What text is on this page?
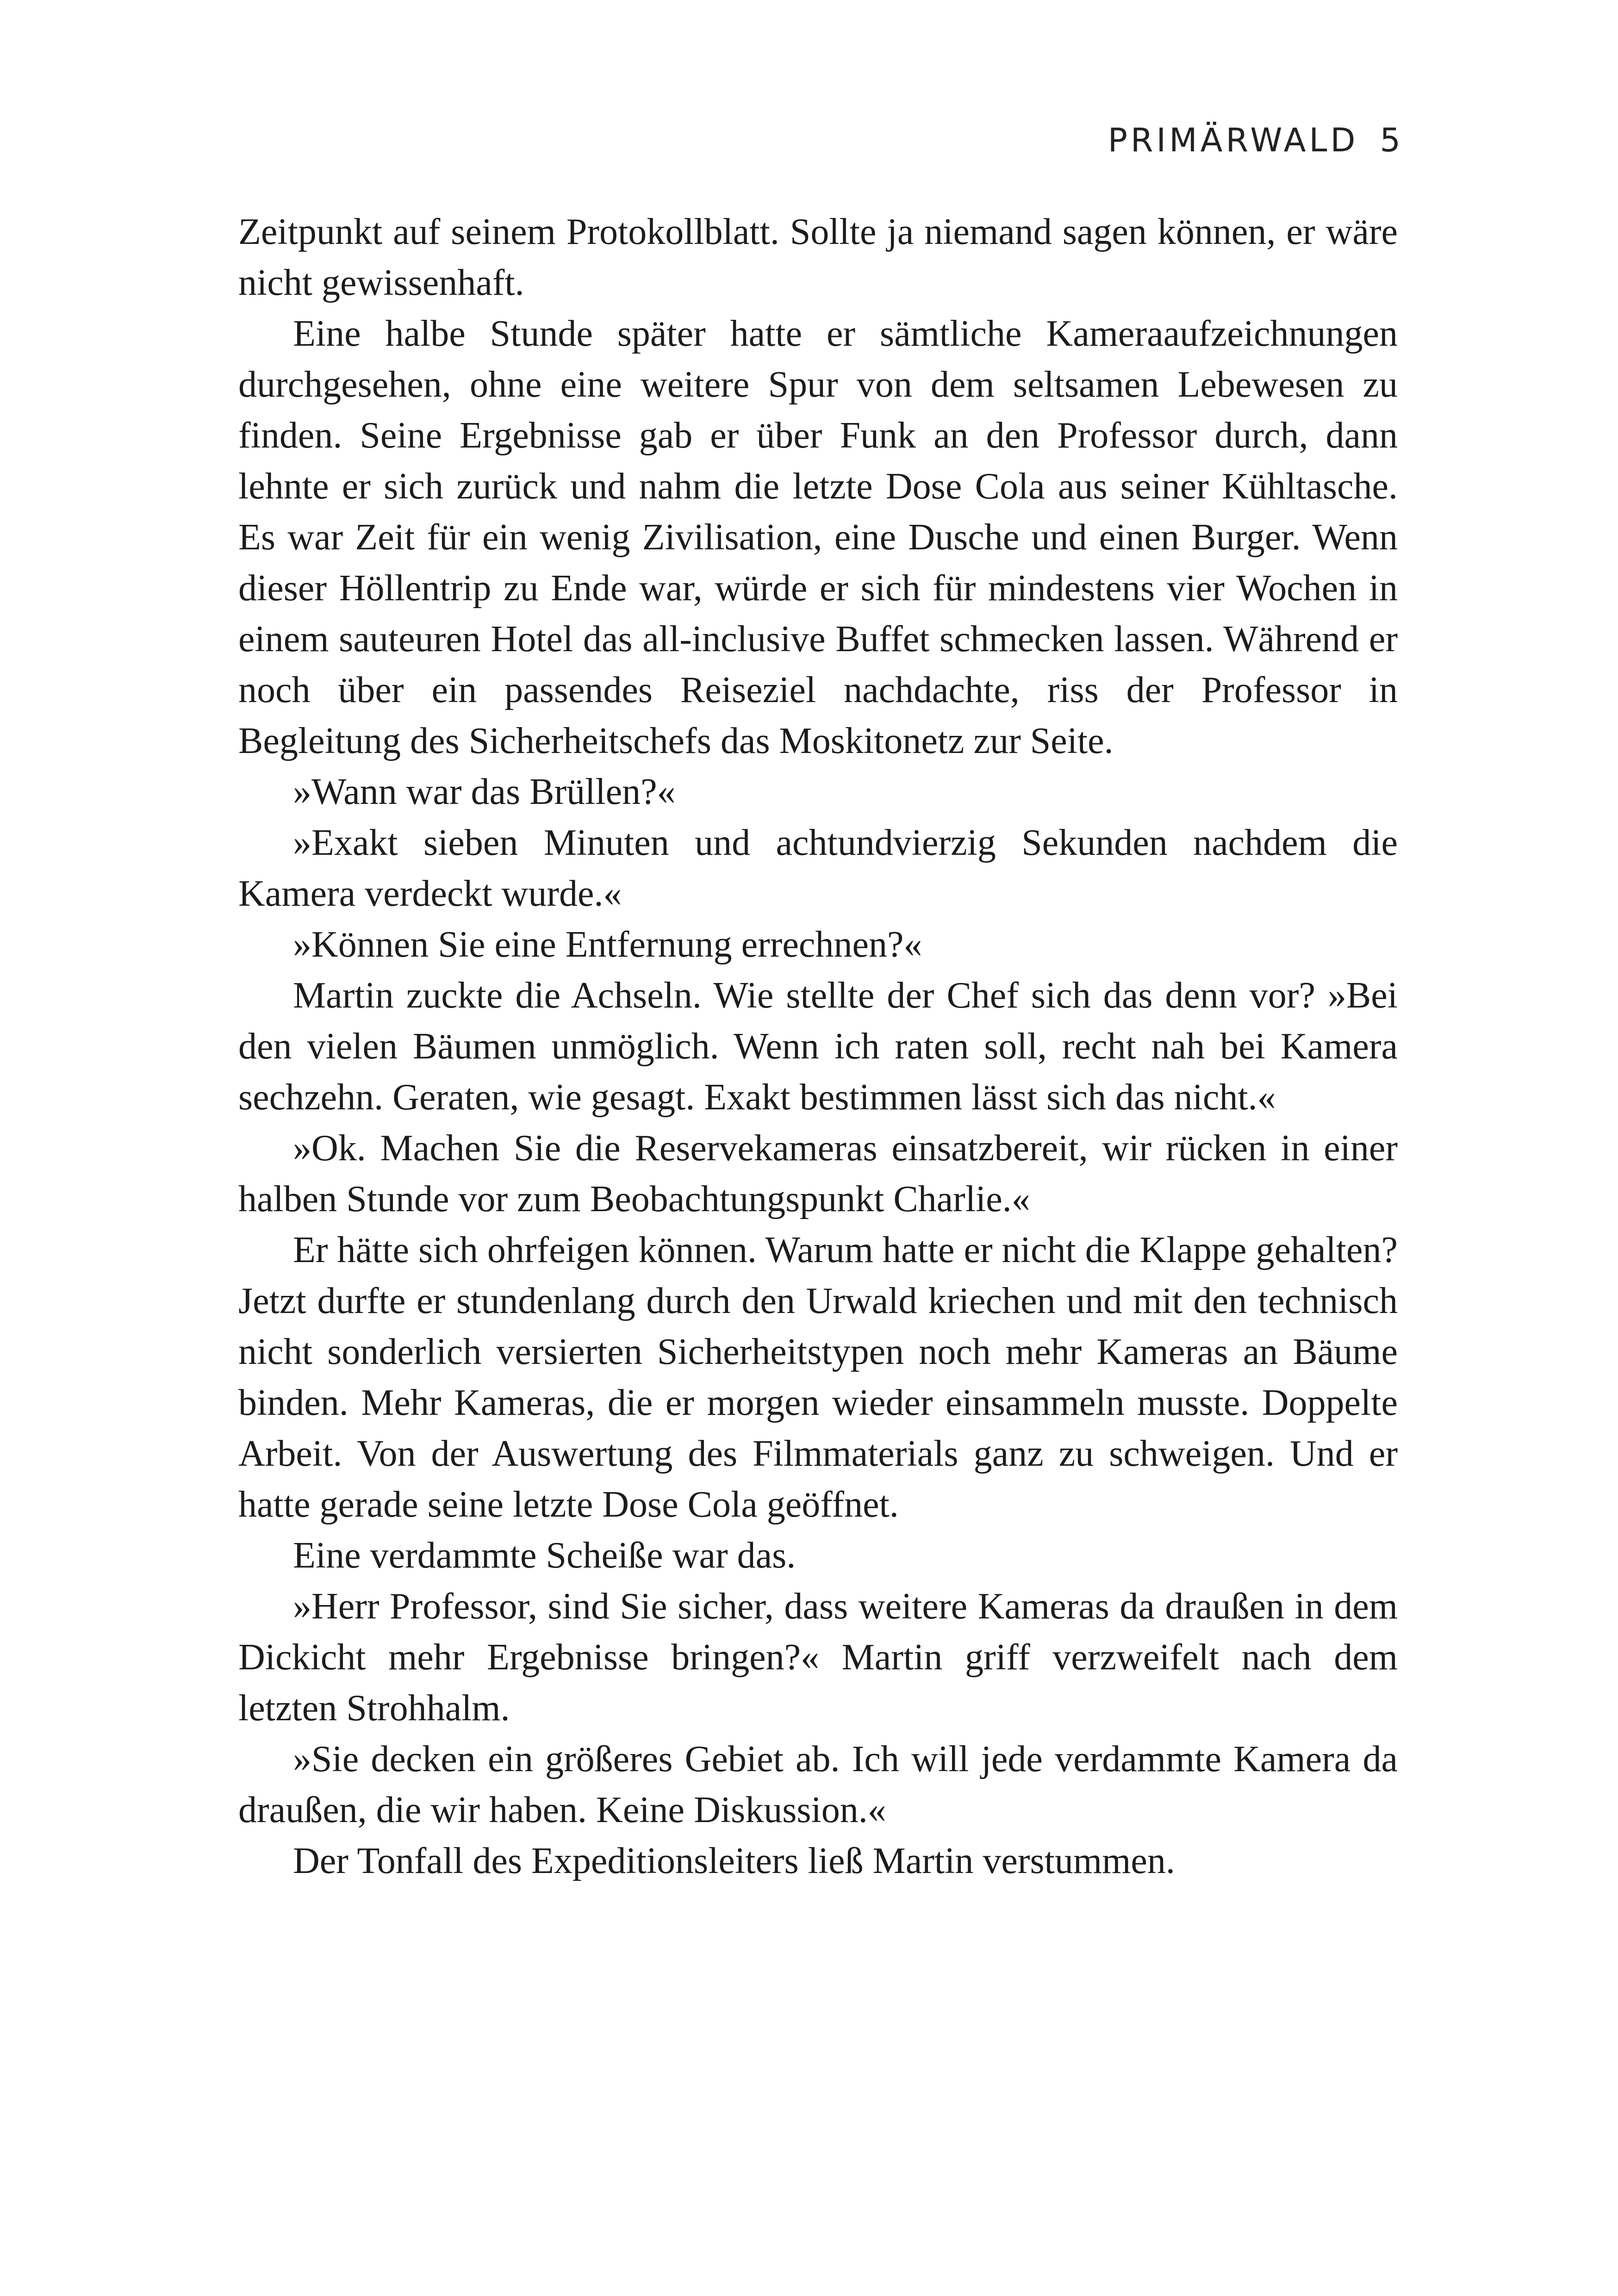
PRIMÄRWALD 5

Zeitpunkt auf seinem Protokollblatt. Sollte ja niemand sagen können, er wäre nicht gewissenhaft.

Eine halbe Stunde später hatte er sämtliche Kameraaufzeichnungen durchgesehen, ohne eine weitere Spur von dem seltsamen Lebewesen zu finden. Seine Ergebnisse gab er über Funk an den Professor durch, dann lehnte er sich zurück und nahm die letzte Dose Cola aus seiner Kühltasche. Es war Zeit für ein wenig Zivilisation, eine Dusche und einen Burger. Wenn dieser Höllentrip zu Ende war, würde er sich für mindestens vier Wochen in einem sauteuren Hotel das all-inclusive Buffet schmecken lassen. Während er noch über ein passendes Reiseziel nachdachte, riss der Professor in Begleitung des Sicherheitschefs das Moskitonetz zur Seite.

»Wann war das Brüllen?«

»Exakt sieben Minuten und achtundvierzig Sekunden nachdem die Kamera verdeckt wurde.«

»Können Sie eine Entfernung errechnen?«

Martin zuckte die Achseln. Wie stellte der Chef sich das denn vor? »Bei den vielen Bäumen unmöglich. Wenn ich raten soll, recht nah bei Kamera sechzehn. Geraten, wie gesagt. Exakt bestimmen lässt sich das nicht.«

»Ok. Machen Sie die Reservekameras einsatzbereit, wir rücken in einer halben Stunde vor zum Beobachtungspunkt Charlie.«

Er hätte sich ohrfeigen können. Warum hatte er nicht die Klappe gehalten? Jetzt durfte er stundenlang durch den Urwald kriechen und mit den technisch nicht sonderlich versierten Sicherheitstypen noch mehr Kameras an Bäume binden. Mehr Kameras, die er morgen wieder einsammeln musste. Doppelte Arbeit. Von der Auswertung des Filmmaterials ganz zu schweigen. Und er hatte gerade seine letzte Dose Cola geöffnet.

Eine verdammte Scheiße war das.

»Herr Professor, sind Sie sicher, dass weitere Kameras da draußen in dem Dickicht mehr Ergebnisse bringen?« Martin griff verzweifelt nach dem letzten Strohhalm.

»Sie decken ein größeres Gebiet ab. Ich will jede verdammte Kamera da draußen, die wir haben. Keine Diskussion.«

Der Tonfall des Expeditionsleiters ließ Martin verstummen.
